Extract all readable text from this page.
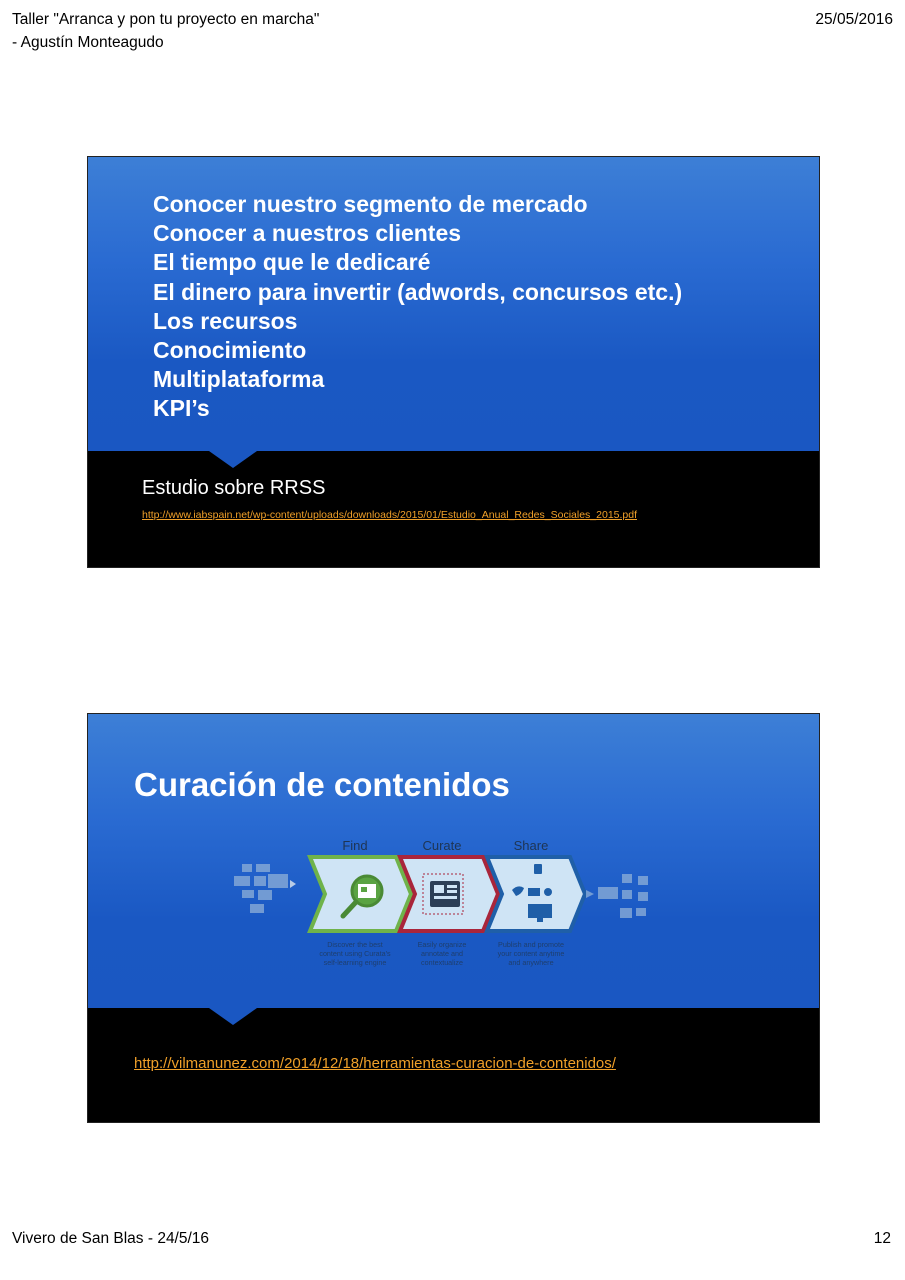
Taller "Arranca y pon tu proyecto en marcha"
- Agustín Monteagudo
25/05/2016
Conocer nuestro segmento de mercado
Conocer a nuestros clientes
El tiempo que le dedicaré
El dinero para invertir (adwords, concursos etc.)
Los recursos
Conocimiento
Multiplataforma
KPI’s
Estudio sobre RRSS
http://www.iabspain.net/wp-content/uploads/downloads/2015/01/Estudio_Anual_Redes_Sociales_2015.pdf
Curación de contenidos
Find	Curate	Share
Discover the best
content using Curata's
self-learning engine
Easily organize
annotate and
contextualize
Publish and promote
your content anytime
and anywhere
http://vilmanunez.com/2014/12/18/herramientas-curacion-de-contenidos/
Vivero de San Blas - 24/5/16	12
